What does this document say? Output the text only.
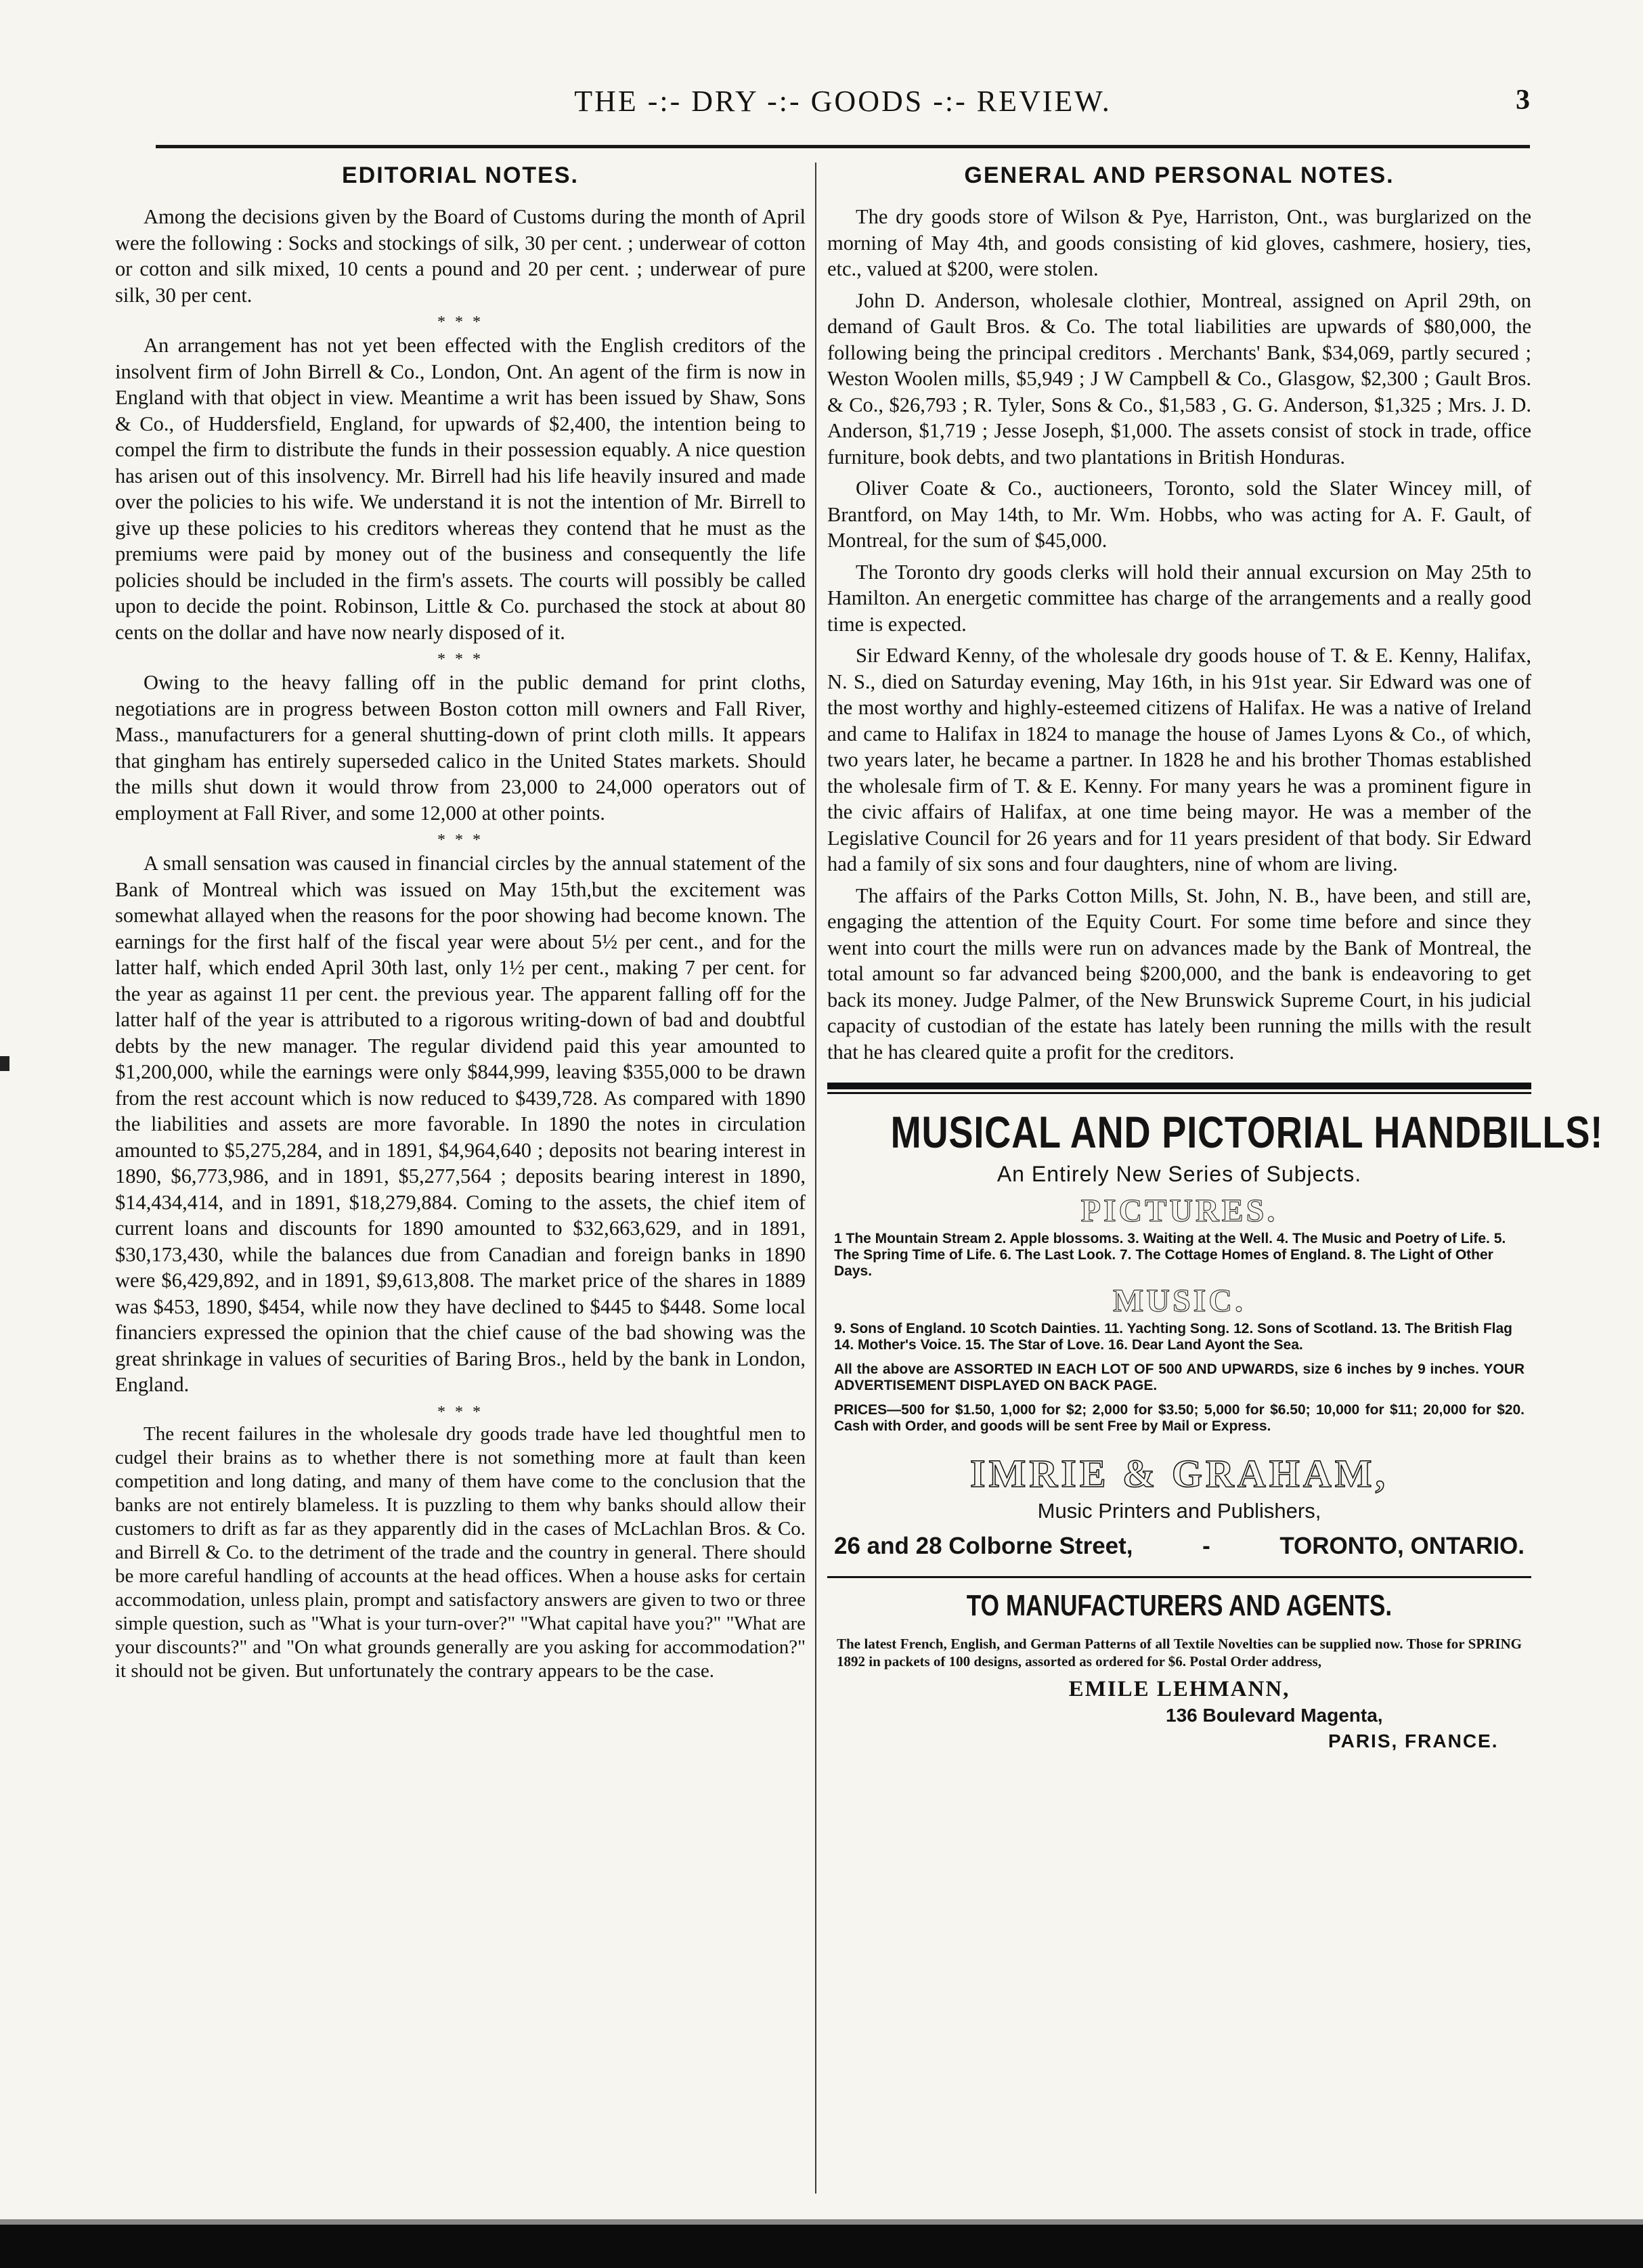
THE -:- DRY -:- GOODS -:- REVIEW.	3
EDITORIAL NOTES.

Among the decisions given by the Board of Customs during the month of April were the following : Socks and stockings of silk, 30 per cent. ; underwear of cotton or cotton and silk mixed, 10 cents a pound and 20 per cent. ; underwear of pure silk, 30 per cent.

* * *

An arrangement has not yet been effected with the English creditors of the insolvent firm of John Birrell & Co., London, Ont. An agent of the firm is now in England with that object in view. Meantime a writ has been issued by Shaw, Sons & Co., of Huddersfield, England, for upwards of $2,400, the intention being to compel the firm to distribute the funds in their possession equably. A nice question has arisen out of this insolvency. Mr. Birrell had his life heavily insured and made over the policies to his wife. We understand it is not the intention of Mr. Birrell to give up these policies to his creditors whereas they contend that he must as the premiums were paid by money out of the business and consequently the life policies should be included in the firm's assets. The courts will possibly be called upon to decide the point. Robinson, Little & Co. purchased the stock at about 80 cents on the dollar and have now nearly disposed of it.

* * *

Owing to the heavy falling off in the public demand for print cloths, negotiations are in progress between Boston cotton mill owners and Fall River, Mass., manufacturers for a general shutting-down of print cloth mills. It appears that gingham has entirely superseded calico in the United States markets. Should the mills shut down it would throw from 23,000 to 24,000 operators out of employment at Fall River, and some 12,000 at other points.

* * *

A small sensation was caused in financial circles by the annual statement of the Bank of Montreal which was issued on May 15th,but the excitement was somewhat allayed when the reasons for the poor showing had become known. The earnings for the first half of the fiscal year were about 5½ per cent., and for the latter half, which ended April 30th last, only 1½ per cent., making 7 per cent. for the year as against 11 per cent. the previous year. The apparent falling off for the latter half of the year is attributed to a rigorous writing-down of bad and doubtful debts by the new manager. The regular dividend paid this year amounted to $1,200,000, while the earnings were only $844,999, leaving $355,000 to be drawn from the rest account which is now reduced to $439,728. As compared with 1890 the liabilities and assets are more favorable. In 1890 the notes in circulation amounted to $5,275,284, and in 1891, $4,964,640 ; deposits not bearing interest in 1890, $6,773,986, and in 1891, $5,277,564 ; deposits bearing interest in 1890, $14,434,414, and in 1891, $18,279,884. Coming to the assets, the chief item of current loans and discounts for 1890 amounted to $32,663,629, and in 1891, $30,173,430, while the balances due from Canadian and foreign banks in 1890 were $6,429,892, and in 1891, $9,613,808. The market price of the shares in 1889 was $453, 1890, $454, while now they have declined to $445 to $448. Some local financiers expressed the opinion that the chief cause of the bad showing was the great shrinkage in values of securities of Baring Bros., held by the bank in London, England.

* * *

The recent failures in the wholesale dry goods trade have led thoughtful men to cudgel their brains as to whether there is not something more at fault than keen competition and long dating, and many of them have come to the conclusion that the banks are not entirely blameless. It is puzzling to them why banks should allow their customers to drift as far as they apparently did in the cases of McLachlan Bros. & Co. and Birrell & Co. to the detriment of the trade and the country in general. There should be more careful handling of accounts at the head offices. When a house asks for certain accommodation, unless plain, prompt and satisfactory answers are given to two or three simple question, such as "What is your turn-over?" "What capital have you?" "What are your discounts?" and "On what grounds generally are you asking for accommodation?" it should not be given. But unfortunately the contrary appears to be the case.

GENERAL AND PERSONAL NOTES.

The dry goods store of Wilson & Pye, Harriston, Ont., was burglarized on the morning of May 4th, and goods consisting of kid gloves, cashmere, hosiery, ties, etc., valued at $200, were stolen.

John D. Anderson, wholesale clothier, Montreal, assigned on April 29th, on demand of Gault Bros. & Co. The total liabilities are upwards of $80,000, the following being the principal creditors . Merchants' Bank, $34,069, partly secured ; Weston Woolen mills, $5,949 ; J W Campbell & Co., Glasgow, $2,300 ; Gault Bros. & Co., $26,793 ; R. Tyler, Sons & Co., $1,583 , G. G. Anderson, $1,325 ; Mrs. J. D. Anderson, $1,719 ; Jesse Joseph, $1,000. The assets consist of stock in trade, office furniture, book debts, and two plantations in British Honduras.

Oliver Coate & Co., auctioneers, Toronto, sold the Slater Wincey mill, of Brantford, on May 14th, to Mr. Wm. Hobbs, who was acting for A. F. Gault, of Montreal, for the sum of $45,000.

The Toronto dry goods clerks will hold their annual excursion on May 25th to Hamilton. An energetic committee has charge of the arrangements and a really good time is expected.

Sir Edward Kenny, of the wholesale dry goods house of T. & E. Kenny, Halifax, N. S., died on Saturday evening, May 16th, in his 91st year. Sir Edward was one of the most worthy and highly-esteemed citizens of Halifax. He was a native of Ireland and came to Halifax in 1824 to manage the house of James Lyons & Co., of which, two years later, he became a partner. In 1828 he and his brother Thomas established the wholesale firm of T. & E. Kenny. For many years he was a prominent figure in the civic affairs of Halifax, at one time being mayor. He was a member of the Legislative Council for 26 years and for 11 years president of that body. Sir Edward had a family of six sons and four daughters, nine of whom are living.

The affairs of the Parks Cotton Mills, St. John, N. B., have been, and still are, engaging the attention of the Equity Court. For some time before and since they went into court the mills were run on advances made by the Bank of Montreal, the total amount so far advanced being $200,000, and the bank is endeavoring to get back its money. Judge Palmer, of the New Brunswick Supreme Court, in his judicial capacity of custodian of the estate has lately been running the mills with the result that he has cleared quite a profit for the creditors.

MUSICAL AND PICTORIAL HANDBILLS!
An Entirely New Series of Subjects.
PICTURES.
1 The Mountain Stream 2. Apple blossoms. 3. Waiting at the Well. 4. The Music and Poetry of Life. 5. The Spring Time of Life. 6. The Last Look. 7. The Cottage Homes of England. 8. The Light of Other Days.
MUSIC.
9. Sons of England. 10 Scotch Dainties. 11. Yachting Song. 12. Sons of Scotland. 13. The British Flag 14. Mother's Voice. 15. The Star of Love. 16. Dear Land Ayont the Sea.
All the above are ASSORTED IN EACH LOT OF 500 AND UPWARDS, size 6 inches by 9 inches. YOUR ADVERTISEMENT DISPLAYED ON BACK PAGE.
PRICES—500 for $1.50, 1,000 for $2; 2,000 for $3.50; 5,000 for $6.50; 10,000 for $11; 20,000 for $20. Cash with Order, and goods will be sent Free by Mail or Express.
IMRIE & GRAHAM,
Music Printers and Publishers,
26 and 28 Colborne Street,	-	TORONTO, ONTARIO.
TO MANUFACTURERS AND AGENTS.
The latest French, English, and German Patterns of all Textile Novelties can be supplied now. Those for SPRING 1892 in packets of 100 designs, assorted as ordered for $6. Postal Order address,
EMILE LEHMANN,
136 Boulevard Magenta,
PARIS, FRANCE.
